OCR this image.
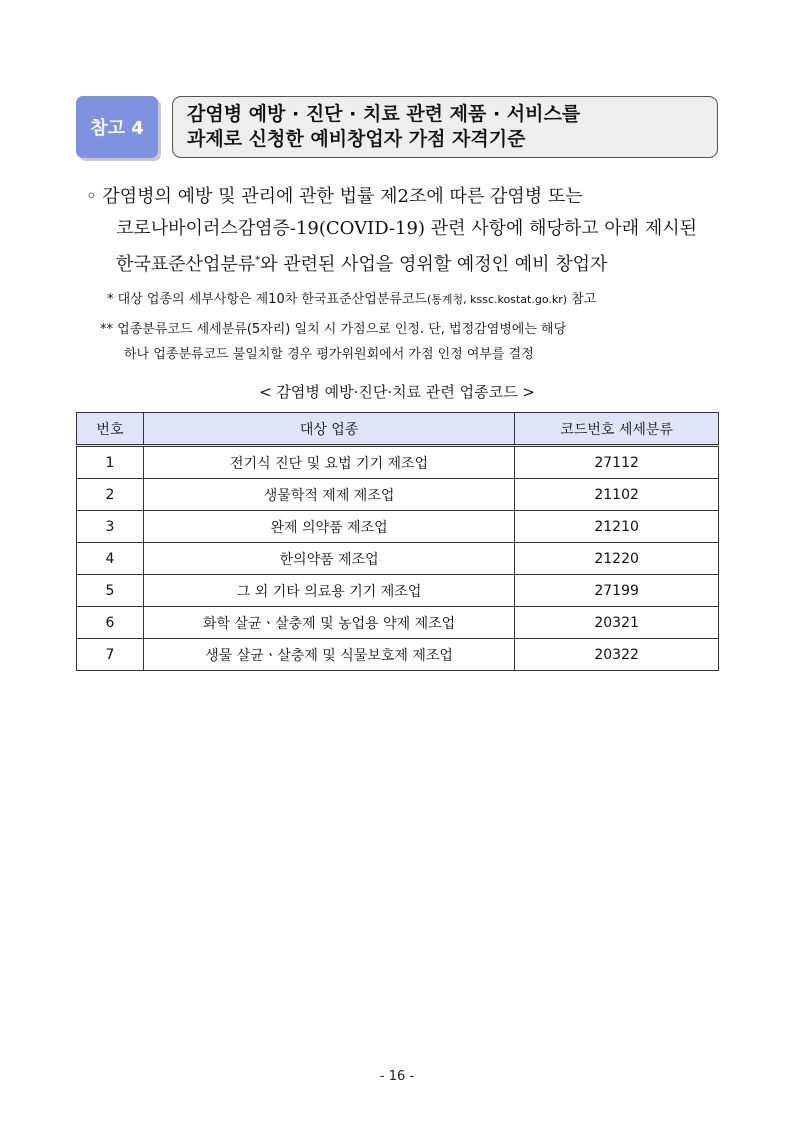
참고 4
감염병 예방 · 진단 · 치료 관련 제품 · 서비스를
과제로 신청한 예비창업자 가점 자격기준
◦ 감염병의 예방 및 관리에 관한 법률 제2조에 따른 감염병 또는
코로나바이러스감염증-19(COVID-19) 관련 사항에 해당하고 아래 제시된
한국표준산업분류*와 관련된 사업을 영위할 예정인 예비 창업자
* 대상 업종의 세부사항은 제10차 한국표준산업분류코드(통계청, kssc.kostat.go.kr) 참고
** 업종분류코드 세세분류(5자리) 일치 시 가점으로 인정. 단, 법정감염병에는 해당
하나 업종분류코드 불일치할 경우 평가위원회에서 가점 인정 여부를 결정
< 감염병 예방·진단·치료 관련 업종코드 >
번호	대상 업종	코드번호 세세분류
1	전기식 진단 및 요법 기기 제조업	27112
2	생물학적 제제 제조업	21102
3	완제 의약품 제조업	21210
4	한의약품 제조업	21220
5	그 외 기타 의료용 기기 제조업	27199
6	화학 살균ㆍ살충제 및 농업용 약제 제조업	20321
7	생물 살균ㆍ살충제 및 식물보호제 제조업	20322
- 16 -
